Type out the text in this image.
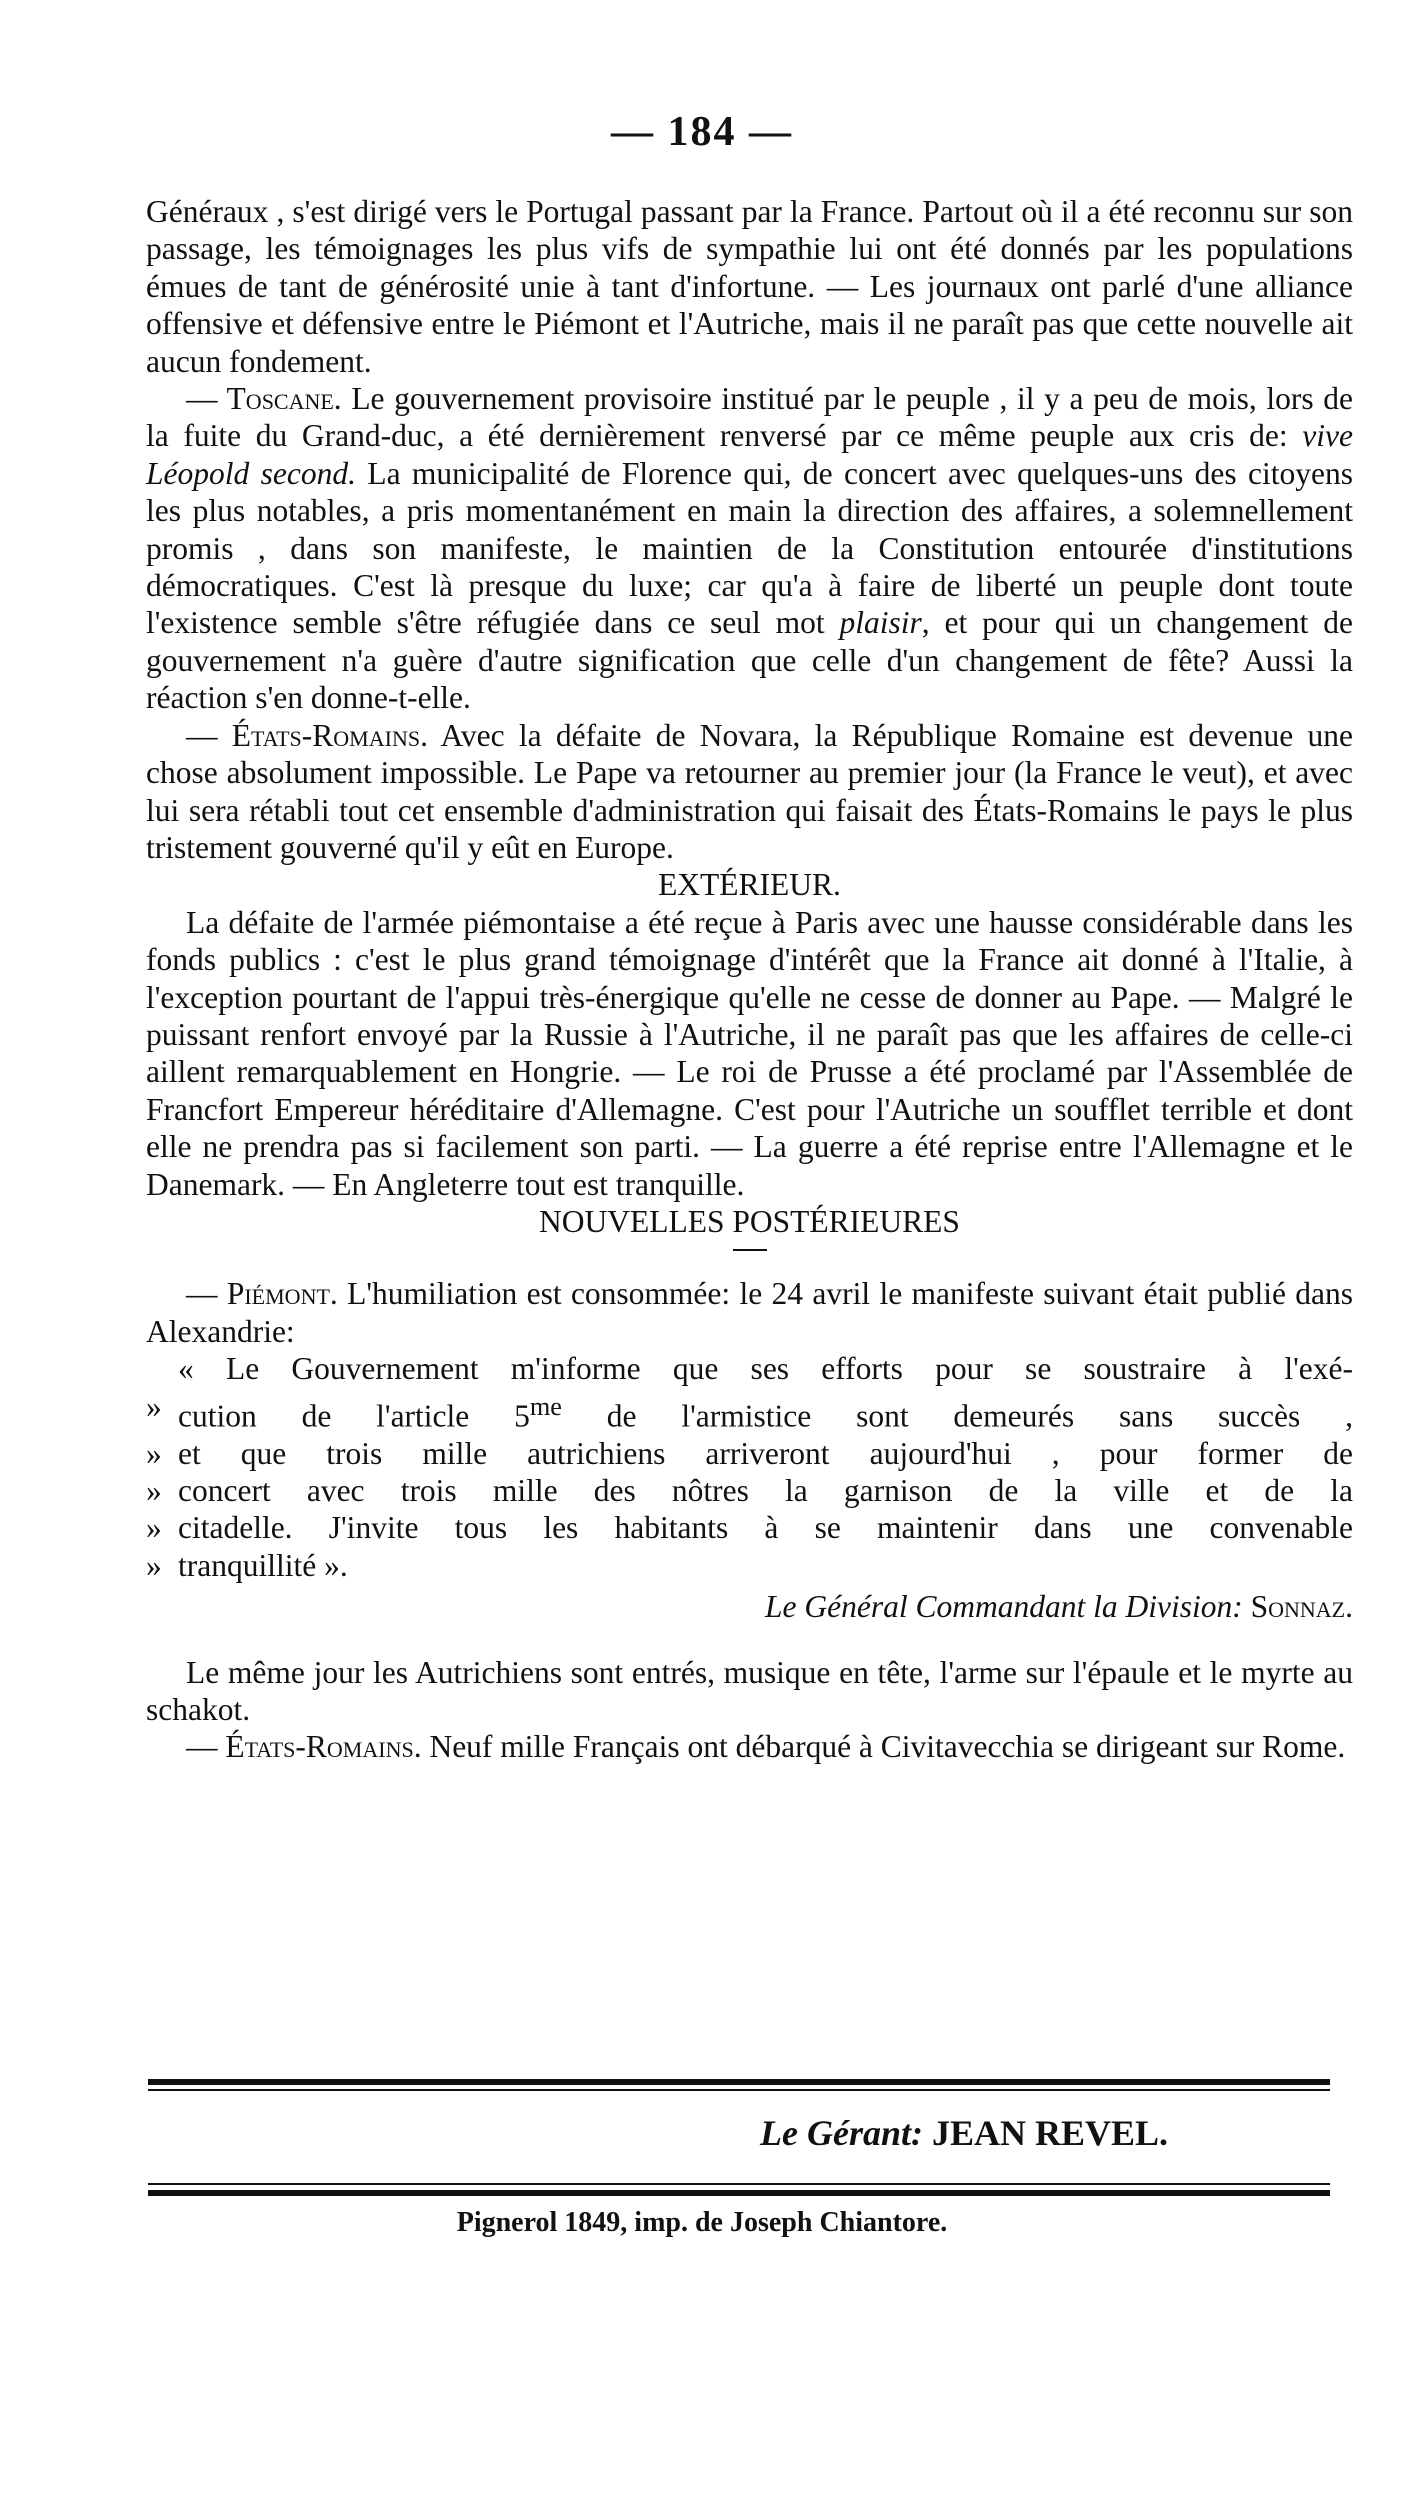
— 184 —

Généraux , s'est dirigé vers le Portugal passant par la France. Partout où il a été reconnu sur son passage, les témoignages les plus vifs de sympathie lui ont été donnés par les populations émues de tant de générosité unie à tant d'infortune. — Les journaux ont parlé d'une alliance offensive et défensive entre le Piémont et l'Autriche, mais il ne paraît pas que cette nouvelle ait aucun fondement.

— Toscane. Le gouvernement provisoire institué par le peuple , il y a peu de mois, lors de la fuite du Grand-duc, a été dernièrement renversé par ce même peuple aux cris de: vive Léopold second. La municipalité de Florence qui, de concert avec quelques-uns des citoyens les plus notables, a pris momentanément en main la direction des affaires, a solemnellement promis , dans son manifeste, le maintien de la Constitution entourée d'institutions démocratiques. C'est là presque du luxe; car qu'a à faire de liberté un peuple dont toute l'existence semble s'être réfugiée dans ce seul mot plaisir, et pour qui un changement de gouvernement n'a guère d'autre signification que celle d'un changement de fête? Aussi la réaction s'en donne-t-elle.

— États-Romains. Avec la défaite de Novara, la République Romaine est devenue une chose absolument impossible. Le Pape va retourner au premier jour (la France le veut), et avec lui sera rétabli tout cet ensemble d'administration qui faisait des États-Romains le pays le plus tristement gouverné qu'il y eût en Europe.

EXTÉRIEUR.

La défaite de l'armée piémontaise a été reçue à Paris avec une hausse considérable dans les fonds publics : c'est le plus grand témoignage d'intérêt que la France ait donné à l'Italie, à l'exception pourtant de l'appui très-énergique qu'elle ne cesse de donner au Pape. — Malgré le puissant renfort envoyé par la Russie à l'Autriche, il ne paraît pas que les affaires de celle-ci aillent remarquablement en Hongrie. — Le roi de Prusse a été proclamé par l'Assemblée de Francfort Empereur héréditaire d'Allemagne. C'est pour l'Autriche un soufflet terrible et dont elle ne prendra pas si facilement son parti. — La guerre a été reprise entre l'Allemagne et le Danemark. — En Angleterre tout est tranquille.

NOUVELLES POSTÉRIEURES

— Piémont. L'humiliation est consommée: le 24 avril le manifeste suivant était publié dans Alexandrie:

« Le Gouvernement m'informe que ses efforts pour se soustraire à l'exé-
» cution de l'article $5^{me}$ de l'armistice sont demeurés sans succès ,
» et que trois mille autrichiens arriveront aujourd'hui , pour former de
» concert avec trois mille des nôtres la garnison de la ville et de la
» citadelle. J'invite tous les habitants à se maintenir dans une convenable
» tranquillité ».

Le Général Commandant la Division: Sonnaz.

Le même jour les Autrichiens sont entrés, musique en tête, l'arme sur l'épaule et le myrte au schakot.

— États-Romains. Neuf mille Français ont débarqué à Civitavecchia se dirigeant sur Rome.

Le Gérant: JEAN REVEL.
Pignerol 1849, imp. de Joseph Chiantore.
